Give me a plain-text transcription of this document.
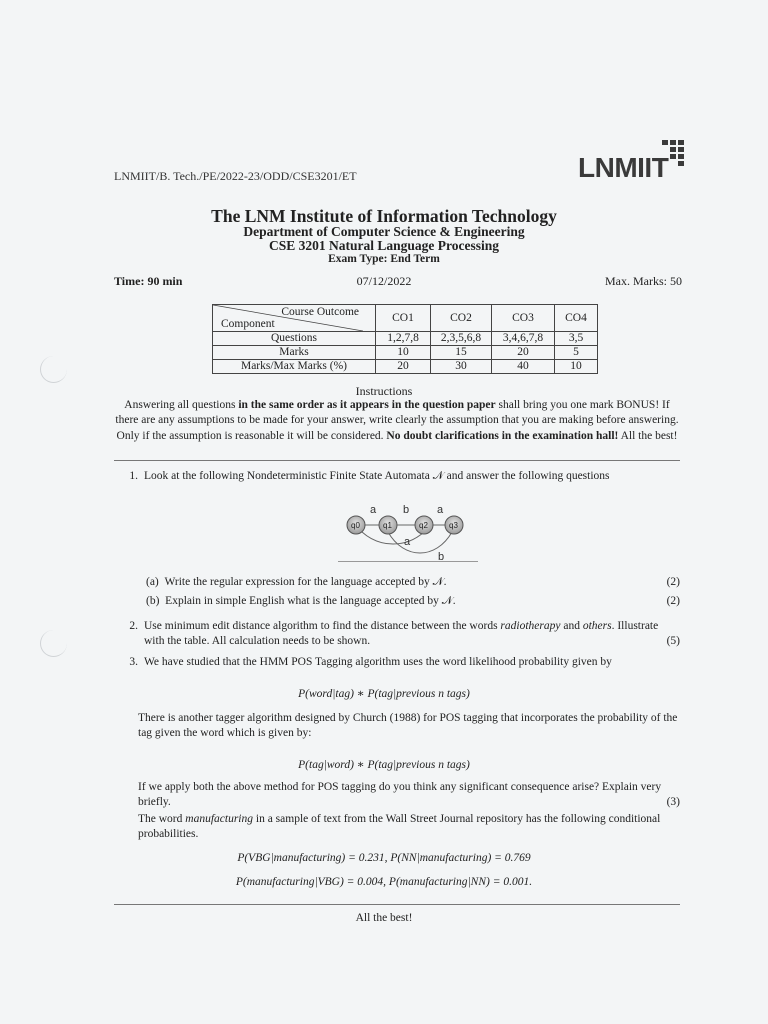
LNMIIT/B. Tech./PE/2022-23/ODD/CSE3201/ET	LNMIIT
The LNM Institute of Information Technology
Department of Computer Science & Engineering
CSE 3201 Natural Language Processing
Exam Type: End Term
Time: 90 min	07/12/2022	Max. Marks: 50
Course Outcome
Component	CO1	CO2	CO3	CO4
Questions	1,2,7,8	2,3,5,6,8	3,4,6,7,8	3,5
Marks	10	15	20	5
Marks/Max Marks (%)	20	30	40	10
Instructions
Answering all questions in the same order as it appears in the question paper shall bring you one mark BONUS! If there are any assumptions to be made for your answer, write clearly the assumption that you are making before answering. Only if the assumption is reasonable it will be considered. No doubt clarifications in the examination hall! All the best!
1. Look at the following Nondeterministic Finite State Automata 𝒩 and answer the following questions
q0	q1	q2	q3
a b	a
a
b
(a) Write the regular expression for the language accepted by 𝒩.	(2)
(b) Explain in simple English what is the language accepted by 𝒩.	(2)
2. Use minimum edit distance algorithm to find the distance between the words radiotherapy and others. Illustrate with the table. All calculation needs to be shown.	(5)
3. We have studied that the HMM POS Tagging algorithm uses the word likelihood probability given by
P(word|tag) ∗ P(tag|previous n tags)
There is another tagger algorithm designed by Church (1988) for POS tagging that incorporates the probability of the tag given the word which is given by:
P(tag|word) ∗ P(tag|previous n tags)
If we apply both the above method for POS tagging do you think any significant consequence arise? Explain very briefly.	(3)
The word manufacturing in a sample of text from the Wall Street Journal repository has the following conditional probabilities.
P(VBG|manufacturing) = 0.231, P(NN|manufacturing) = 0.769
P(manufacturing|VBG) = 0.004, P(manufacturing|NN) = 0.001.
All the best!
